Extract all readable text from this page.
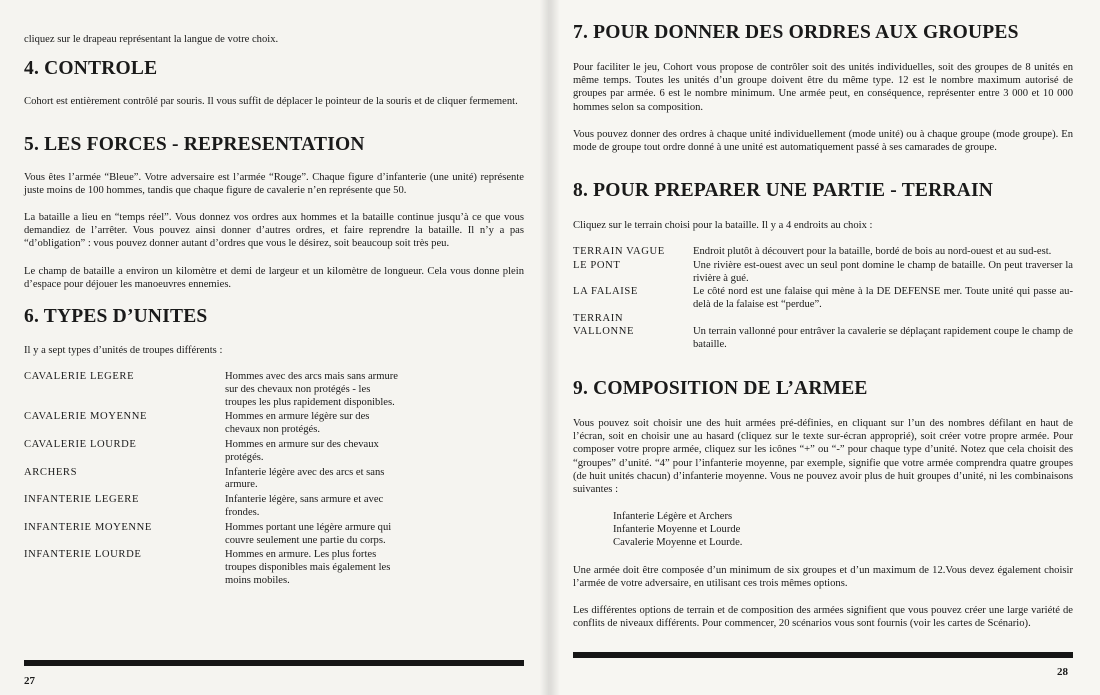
cliquez sur le drapeau représentant la langue de votre choix.

4. CONTROLE

Cohort est entièrement contrôlé par souris. Il vous suffit de déplacer le pointeur de la souris et de cliquer fermement.

5. LES FORCES - REPRESENTATION

Vous êtes l’armée “Bleue”. Votre adversaire est l’armée “Rouge”. Chaque figure d’infanterie (une unité) représente juste moins de 100 hommes, tandis que chaque figure de cavalerie n’en représente que 50.

La bataille a lieu en “temps réel”. Vous donnez vos ordres aux hommes et la bataille continue jusqu’à ce que vous demandiez de l’arrêter. Vous pouvez ainsi donner d’autres ordres, et faire reprendre la bataille. Il n’y a pas “d’obligation” : vous pouvez donner autant d’ordres que vous le désirez, soit beaucoup soit très peu.

Le champ de bataille a environ un kilomètre et demi de largeur et un kilomètre de longueur. Cela vous donne plein d’espace pour déjouer les manoeuvres ennemies.

6. TYPES D’UNITES

Il y a sept types d’unités de troupes différents :

CAVALERIE LEGERE	Hommes avec des arcs mais sans armure sur des chevaux non protégés - les troupes les plus rapidement disponibles.
CAVALERIE MOYENNE	Hommes en armure légère sur des chevaux non protégés.
CAVALERIE LOURDE	Hommes en armure sur des chevaux protégés.
ARCHERS	Infanterie légère avec des arcs et sans armure.
INFANTERIE LEGERE	Infanterie légère, sans armure et avec frondes.
INFANTERIE MOYENNE	Hommes portant une légère armure qui couvre seulement une partie du corps.
INFANTERIE LOURDE	Hommes en armure. Les plus fortes troupes disponibles mais également les moins mobiles.
27
7. POUR DONNER DES ORDRES AUX GROUPES

Pour faciliter le jeu, Cohort vous propose de contrôler soit des unités individuelles, soit des groupes de 8 unités en même temps. Toutes les unités d’un groupe doivent être du même type. 12 est le nombre maximum autorisé de groupes par armée. 6 est le nombre minimum. Une armée peut, en conséquence, représenter entre 3 000 et 10 000 hommes selon sa composition.

Vous pouvez donner des ordres à chaque unité individuellement (mode unité) ou à chaque groupe (mode groupe). En mode de groupe tout ordre donné à une unité est automatiquement passé à ses camarades de groupe.

8. POUR PREPARER UNE PARTIE - TERRAIN

Cliquez sur le terrain choisi pour la bataille. Il y a 4 endroits au choix :

TERRAIN VAGUE	Endroit plutôt à découvert pour la bataille, bordé de bois au nord-ouest et au sud-est.
LE PONT	Une rivière est-ouest avec un seul pont domine le champ de bataille. On peut traverser la rivière à gué.
LA FALAISE	Le côté nord est une falaise qui mène à la DE DEFENSE mer. Toute unité qui passe au-delà de la falaise est “perdue”.
TERRAIN VALLONNE	Un terrain vallonné pour entrâver la cavalerie se déplaçant rapidement coupe le champ de bataille.
9. COMPOSITION DE L’ARMEE

Vous pouvez soit choisir une des huit armées pré-définies, en cliquant sur l’un des nombres défilant en haut de l’écran, soit en choisir une au hasard (cliquez sur le texte sur-écran approprié), soit créer votre propre armée. Pour composer votre propre armée, cliquez sur les icônes “+” ou “-” pour chaque type d’unité. Notez que cela choisit des “groupes” d’unité. “4” pour l’infanterie moyenne, par exemple, signifie que votre armée comprendra quatre groupes (de huit unités chacun) d’infanterie moyenne. Vous ne pouvez avoir plus de huit groupes d’unité, ni les combinaisons suivantes :

Infanterie Légère et Archers
Infanterie Moyenne et Lourde
Cavalerie Moyenne et Lourde.

Une armée doit être composée d’un minimum de six groupes et d’un maximum de 12.Vous devez également choisir l’armée de votre adversaire, en utilisant ces trois mêmes options.

Les différentes options de terrain et de composition des armées signifient que vous pouvez créer une large variété de conflits de niveaux différents. Pour commencer, 20 scénarios vous sont fournis (voir les cartes de Scénario).

28
